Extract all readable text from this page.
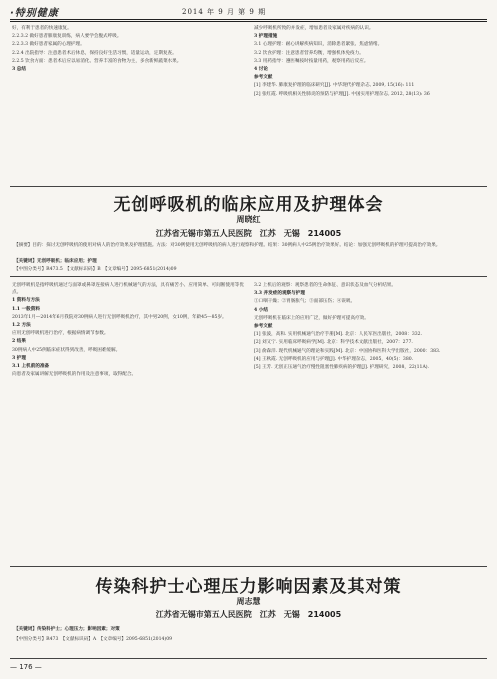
·特别健康	2014 年 9 月 第 9 期

好，有利于患者的快速康复。

2.2.3.2 做好患者肺康复训练，病人要学会腹式呼吸。

2.2.3.3 做好患者家属的心理护理。

2.2.4 出院指导：注意患者术后休息，保持良好生活习惯，适量运动，定期复查。

2.2.5 饮食方面：患者术后应以易消化、营养丰富的食物为主，多食新鲜蔬菜水果。

3 总结

减少呼吸机所致的并发症，增加患者及家属对疾病的认识。

3 护理措施

3.1 心理护理：耐心讲解疾病知识，消除患者紧张、焦虑情绪。

3.2 饮食护理：注意患者营养均衡，增强机体免疫力。

3.3 用药指导：遵医嘱按时按量用药，观察用药后反应。

4 讨论

参考文献

[1] 李建华. 肺康复护理的临床研究[J]. 中华现代护理杂志, 2009, 15(16): 111

[2] 张红霞. 呼吸机相关性肺炎的预防与护理[J]. 中国实用护理杂志, 2012, 28(13): 36

无创呼吸机的临床应用及护理体会
周晓红
江苏省无锡市第五人民医院　江苏　无锡　214005
【摘要】目的：探讨无创呼吸机的使用对病人的治疗效果及护理措施。方法：对30例使用无创呼吸机的病人进行观察和护理。结果：30例病人中25例治疗效果好。结论：加强无创呼吸机的护理可提高治疗效果。
【关键词】无创呼吸机；临床应用；护理
【中图分类号】R473.5　【文献标识码】B　【文章编号】2095-6851(2014)09

无创呼吸机是指呼吸机通过与面罩或鼻罩连接病人进行机械通气的方法，具有痛苦小、应用简单、可间断使用等优点。

1 资料与方法

1.1 一般资料

2013年1月—2014年6月我院对30例病人进行无创呼吸机治疗，其中男20例，女10例，年龄45—85岁。

1.2 方法

应用无创呼吸机进行治疗，根据病情调节参数。

2 结果

30例病人中25例临床症状得到改善，呼吸困难缓解。

3 护理

3.1 上机前的准备

向患者及家属讲解无创呼吸机的作用及注意事项，取得配合。

3.2 上机后的观察：观察患者的生命体征、意识状态及血气分析结果。

3.3 并发症的观察与护理

①口咽干燥；②胃肠胀气；③面部压伤；④误吸。

4 小结

无创呼吸机在临床上的应用广泛，做好护理可提高疗效。

参考文献

[1] 张波，高和. 实用机械通气治疗手册[M]. 北京：人民军医出版社，2008：332.

[2] 刘又宁. 实用临床呼吸病学[M]. 北京：科学技术文献出版社，2007：277.

[3] 俞森洋. 现代机械通气的理论和实践[M]. 北京：中国协和医科大学出版社，2000：383.

[4] 王秋霞. 无创呼吸机的应用与护理[J]. 中华护理杂志，2005，40(5)：380.

[5] 王芳. 无创正压通气治疗慢性阻塞性肺疾病的护理[J]. 护理研究，2008，22(11A).

传染科护士心理压力影响因素及其对策
周志慧
江苏省无锡市第五人民医院　江苏　无锡　214005
【关键词】传染科护士；心理压力；影响因素；对策
【中图分类号】R473　【文献标识码】A　【文章编号】2095-6851(2014)09
— 176 —
